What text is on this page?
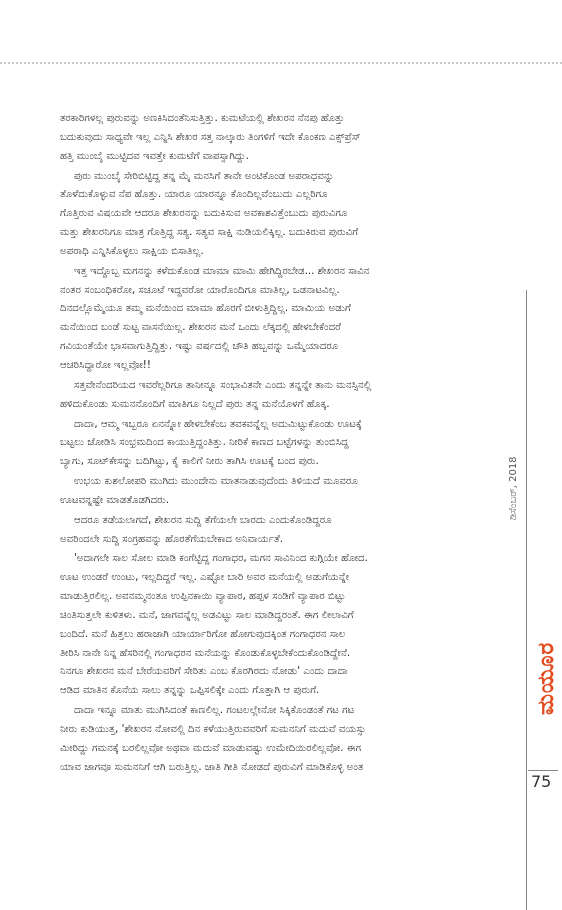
ತರಕಾರಿಗಳಲ್ಲ ಪುರುವನ್ನು ಅಣಕಿಸಿದಂತೆನಿಸುತ್ತಿತ್ತು. ಕುಮಟೆಯಲ್ಲಿ ಶೇಖರನ ನೆನಪು ಹೊತ್ತು
ಬದುಕುವುದು ಸಾಧ್ಯವೇ ಇಲ್ಲ ಎನ್ನಿಸಿ ಶೇಖರ ಸತ್ತ ನಾಲ್ಕಾರು ತಿಂಗಳಿಗೆ ಇದೇ ಕೊಂಕಣ ಎಕ್ಸ್‌ಪ್ರೆಸ್
ಹತ್ತಿ ಮುಂಬೈ ಮುಟ್ಟಿದವ ಇವತ್ತೇ ಕುಮಟೆಗೆ ವಾಪಸ್ಸಾಗಿದ್ದು.
ಪುರು ಮುಂಬೈ ಸೇರಿಬಿಟ್ಟಿದ್ದ ತನ್ನ ಮೈ ಮನಸಿಗೆ ತಾನೇ ಅಂಟಿಕೊಂಡ ಅಪರಾಧವನ್ನು
ತೊಳೆದುಕೊಳ್ಳುವ ನೆಪ ಹೊತ್ತು. ಯಾರೂ ಯಾರನ್ನೂ ಕೊಂದಿಲ್ಲವೆಂಬುದು ಎಲ್ಲರಿಗೂ
ಗೊತ್ತಿರುವ ವಿಷಯವೇ ಆದರೂ ಶೇಖರನನ್ನು ಬದುಕಿಸುವ ಅವಕಾಶವಿತ್ತೆಂಬುದು ಪುರುವಿಗೂ
ಮತ್ತು ಶೇಖರನಿಗೂ ಮಾತ್ರ ಗೊತ್ತಿದ್ದ ಸತ್ಯ. ಸತ್ಯವ ಸಾಕ್ಷಿ ನುಡಿಯಲಿಕ್ಕಿಲ್ಲ. ಬದುಕಿರುವ ಪುರುವಿಗೆ
ಅಪರಾಧಿ ಎನ್ನಿಸಿಕೊಳ್ಳಲು ಸಾಕ್ಷಿಯ ಬಿಸಾತಿಲ್ಲ.
ಇತ್ತ ಇದ್ದೊಬ್ಬ ಮಗನನ್ನು ಕಳೆದುಕೊಂಡ ಮಾಮಾ ಮಾಮಿ ಹೇಗಿದ್ದಿರಬೇಡ... ಶೇಖರನ ಸಾವಿನ
ನಂತರ ಸಂಬಂಧಿಕರೋ, ಸಚೂಟೆ ಇದ್ದವರೋ ಯಾರೊಂದಿಗೂ ಮಾತಿಲ್ಲ, ಒಡನಾಟವಿಲ್ಲ.
ದಿನದಲ್ಲೊಮ್ಮೆಯೂ ತಮ್ಮ ಮನೆಯಿಂದ ಮಾಮಾ ಹೊರಗೆ ಬೀಳುತ್ತಿದ್ದಿಲ್ಲ. ಮಾಮಿಯ ಅಡುಗೆ
ಮನೆಯಿಂದ ಬಂಡೆ ಸುಟ್ಟ ವಾಸನೆಯಿಲ್ಲ. ಶೇಖರನ ಮನೆ ಒಂದು ಲೆಕ್ಕದಲ್ಲಿ ಹೇಳಬೇಕೆಂದರೆ
ಗವಿಯಂತೆಯೇ ಭಾಸವಾಗುತ್ತಿದ್ದಿತ್ತು. ಇಷ್ಟು ವರ್ಷದಲ್ಲಿ ಚೌತಿ ಹಬ್ಬವನ್ನು ಒಮ್ಮೆಯಾದರೂ
ಆಚರಿಸಿದ್ದಾರೋ ಇಲ್ಲವೋ!!
ಸತ್ತವೇನೆಂದರಿಯದ ಇವರೆಲ್ಲರಿಗೂ ತಾನೀನ್ನೂ ಸಂಭಾವಿತನೇ ಎಂದು ತನ್ನನ್ನೇ ತಾನು ಮನಸ್ಸಿನಲ್ಲಿ
ಹಳಿದುಕೊಂಡು ಸುಮನನೊಂದಿಗೆ ಮಾತಿಗೂ ನಿಲ್ಲದೆ ಪುರು ತನ್ನ ಮನೆಯೊಳಗೆ ಹೊಕ್ಕ.
ದಾದಾ, ಆಮ್ಮ ಇಬ್ಬರೂ ಏನನ್ನೋ ಹೇಳಬೇಕೆಂಬ ತವಕವನ್ನೆಲ್ಲ ಅದುಮಿಟ್ಟುಕೊಂಡು ಊಟಕ್ಕೆ
ಬಟ್ಟಲು ಜೋಡಿಸಿ ಸಂಭ್ರಮದಿಂದ ಕಾಯುತ್ತಿದ್ದಂತಿತ್ತು. ನೀರಿಕೆ ಕಾಣದ ಬಟ್ಟೆಗಳನ್ನು ತುಂಬಿಸಿದ್ದ
ಬ್ಯಾಗು, ಸೂಟ್‌ಕೇಸನ್ನು ಬದಿಗಿಟ್ಟು, ಕೈ ಕಾಲಿಗೆ ನೀರು ತಾಗಿಸಿ ಊಟಕ್ಕೆ ಬಂದ ಪುರು.
ಉಭಯ ಕುಶಲೋಪರಿ ಮುಗಿದು ಮುಂದೇನು ಮಾತನಾಡುವುದೆಂದು ತಿಳಿಯದೆ ಮೂವರೂ
ಊಟವನ್ನಷ್ಟೇ ಮಾಡತೊಡಗಿದರು.
ಆದರೂ ತಡೆಯಲಾಗದೆ, ಶೇಖರನ ಸುದ್ದಿ ತೆಗೆಯಲೇ ಬಾರದು ಎಂದುಕೊಂಡಿದ್ದರೂ
ಅವರಿಂದಲೇ ಸುದ್ದಿ ಸಂಗ್ರಹವನ್ನು ಹೊರತೆಗೆಯಬೇಕಾದ ಅನಿವಾರ್ಯತೆ.
'ಅದಾಗಲೇ ಸಾಲ ಸೋಲ ಮಾಡಿ ಕಂಗೆಟ್ಟಿದ್ದ ಗಂಗಾಧರ, ಮಗನ ಸಾವಿನಿಂದ ಕುಗ್ಗಿಯೇ ಹೋದ.
ಊಟ ಉಂಡರೆ ಉಂಟು, ಇಲ್ಲದಿದ್ದರೆ ಇಲ್ಲ. ಎಷ್ಟೋ ಬಾರಿ ಅವರ ಮನೆಯಲ್ಲಿ ಅಡುಗೆಯನ್ನೇ
ಮಾಡುತ್ತಿರಲಿಲ್ಲ. ಅವನಮ್ಮನಂತೂ ಉಪ್ಪಿನಕಾಯಿ ವ್ಯಾಪಾರ, ಹಪ್ಪಳ ಸಂಡಿಗೆ ವ್ಯಾಪಾರ ಬಿಟ್ಟು
ಚಿಂತಿಸುತ್ತಲೇ ಕುಳಿತಳು. ಮನೆ, ಜಾಗವನ್ನೆಲ್ಲ ಅಡವಿಟ್ಟು ಸಾಲ ಮಾಡಿದ್ದರಂತೆ. ಈಗ ಲೀಲಾವಿಗೆ
ಬಂದಿದೆ. ಮನೆ ಹಿತ್ತಲು ಹರಾಜಾಗಿ ಯಾರ್ಯಾರಿಗೋ ಹೋಗುವುದಕ್ಕಿಂತ ಗಂಗಾಧರನ ಸಾಲ
ತೀರಿಸಿ ನಾನೇ ನಿನ್ನ ಹೆಸರಿನಲ್ಲಿ ಗಂಗಾಧರನ ಮನೆಯನ್ನು ಕೊಂಡುಕೊಳ್ಳಬೇಕೆಂದುಕೊಂಡಿದ್ದೇನೆ.
ನಿನಗೂ ಶೇಖರನ ಮನೆ ಬೇರೆಯವರಿಗೆ ಸೇರಿತು ಎಂಬ ಕೊರಗಿರದು ನೋಡು' ಎಂದು ದಾದಾ
ಆಡಿದ ಮಾತಿನ ಕೊನೆಯ ಸಾಲು ತನ್ನನ್ನು ಒಪ್ಪಿಸಲಿಕ್ಕೇ ಎಂದು ಗೊತ್ತಾಗಿ ಆ ಪುರುಗೆ.
ದಾದಾ ಇನ್ನೂ ಮಾತು ಮುಗಿಸಿದಂತೆ ಕಾಣಲಿಲ್ಲ. ಗಂಟಲಲ್ಲೇನೋ ಸಿಕ್ಕಿಕೊಂಡಂತೆ ಗಟ ಗಟ
ನೀರು ಕುಡಿಯುತ್ತ, 'ಶೇಖರನ ನೋವಲ್ಲಿ ದಿನ ಕಳೆಯುತ್ತಿರುವವರಿಗೆ ಸುಮನನಿಗೆ ಮದುವೆ ವಯಸ್ಸು
ಮೀರಿದ್ದು ಗಮನಕ್ಕೆ ಬರಲಿಲ್ಲವೋ ಅಥವಾ ಮದುವೆ ಮಾಡುವಷ್ಟು ಉಮೇದಿಯಿರಲಿಲ್ಲವೋ. ಈಗ
ಯಾವ ಜಾಗವೂ ಸುಮನನಿಗೆ ಆಗಿ ಬರುತ್ತಿಲ್ಲ. ಜಾತಿ ಗೀತಿ ನೋಡದೆ ಪುರುವಿಗೆ ಮಾಡಿಕೊಳ್ಳಿ ಅಂತ
ಡಿಸೆಂಬರ್, 2018
ಮಯೂರ
75
